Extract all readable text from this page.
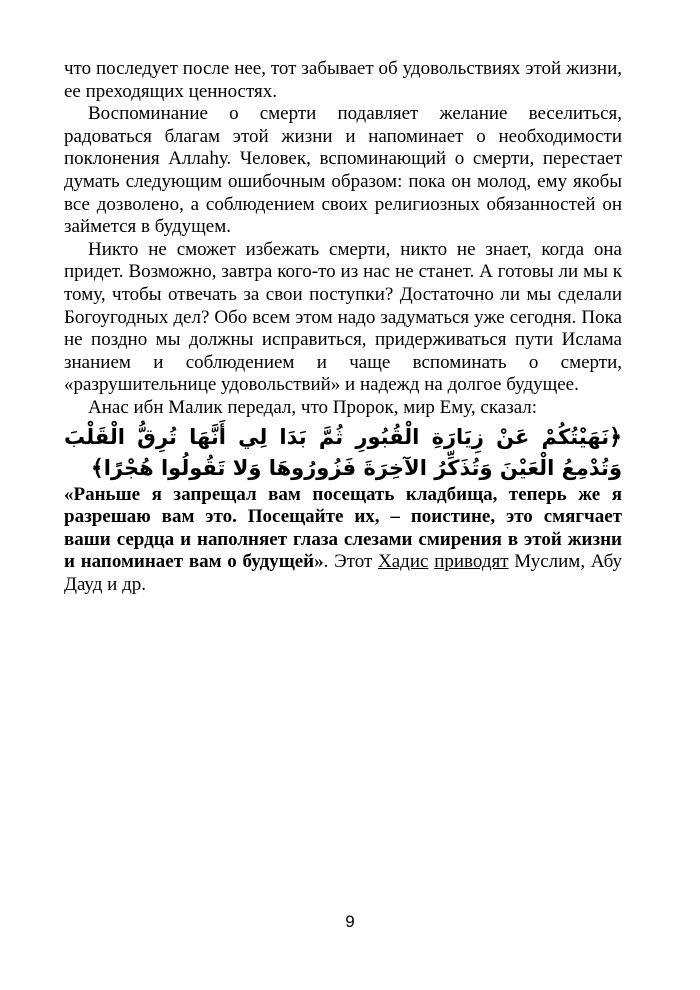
что последует после нее, тот забывает об удовольствиях этой жизни, ее преходящих ценностях.

Воспоминание о смерти подавляет желание веселиться, радоваться благам этой жизни и напоминает о необходимости поклонения Аллаhу. Человек, вспоминающий о смерти, перестает думать следующим ошибочным образом: пока он молод, ему якобы все дозволено, а соблюдением своих религиозных обязанностей он займется в будущем.

Никто не сможет избежать смерти, никто не знает, когда она придет. Возможно, завтра кого-то из нас не станет. А готовы ли мы к тому, чтобы отвечать за свои поступки? Достаточно ли мы сделали Богоугодных дел? Обо всем этом надо задуматься уже сегодня. Пока не поздно мы должны исправиться, придерживаться пути Ислама знанием и соблюдением и чаще вспоминать о смерти, «разрушительнице удовольствий» и надежд на долгое будущее.

Анас ибн Малик передал, что Пророк, мир Ему, сказал:

﴿نَهَيْتُكُمْ عَنْ زِيَارَةِ الْقُبُورِ ثُمَّ بَدَا لِي أَنَّهَا تُرِقُّ الْقَلْبَ وَتُدْمِعُ الْعَيْنَ وَتُذَكِّرُ الآخِرَةَ فَزُورُوهَا وَلا تَقُولُوا هُجْرًا﴾

«Раньше я запрещал вам посещать кладбища, теперь же я разрешаю вам это. Посещайте их, – поистине, это смягчает ваши сердца и наполняет глаза слезами смирения в этой жизни и напоминает вам о будущей». Этот Хадис приводят Муслим, Абу Дауд и др.

9
